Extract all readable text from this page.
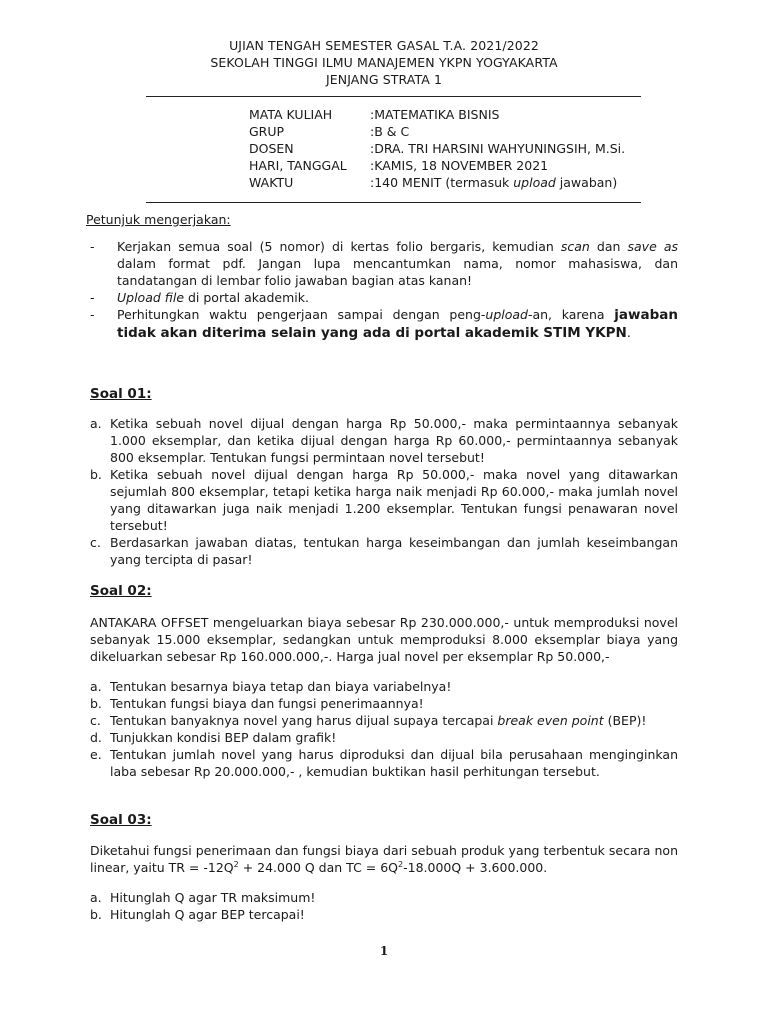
UJIAN TENGAH SEMESTER GASAL T.A. 2021/2022
SEKOLAH TINGGI ILMU MANAJEMEN YKPN YOGYAKARTA
JENJANG STRATA 1
MATA KULIAH	:MATEMATIKA BISNIS
GRUP	:B & C
DOSEN	:DRA. TRI HARSINI WAHYUNINGSIH, M.Si.
HARI, TANGGAL	:KAMIS, 18 NOVEMBER 2021
WAKTU	:140 MENIT (termasuk upload jawaban)
Petunjuk mengerjakan:
-	Kerjakan semua soal (5 nomor) di kertas folio bergaris, kemudian scan dan save as dalam format pdf. Jangan lupa mencantumkan nama, nomor mahasiswa, dan tandatangan di lembar folio jawaban bagian atas kanan!
-	Upload file di portal akademik.
-	Perhitungkan waktu pengerjaan sampai dengan peng-upload-an, karena jawaban tidak akan diterima selain yang ada di portal akademik STIM YKPN.
Soal 01:
a. Ketika sebuah novel dijual dengan harga Rp 50.000,- maka permintaannya sebanyak 1.000 eksemplar, dan ketika dijual dengan harga Rp 60.000,- permintaannya sebanyak 800 eksemplar. Tentukan fungsi permintaan novel tersebut!
b. Ketika sebuah novel dijual dengan harga Rp 50.000,- maka novel yang ditawarkan sejumlah 800 eksemplar, tetapi ketika harga naik menjadi Rp 60.000,- maka jumlah novel yang ditawarkan juga naik menjadi 1.200 eksemplar. Tentukan fungsi penawaran novel tersebut!
c. Berdasarkan jawaban diatas, tentukan harga keseimbangan dan jumlah keseimbangan yang tercipta di pasar!
Soal 02:
ANTAKARA OFFSET mengeluarkan biaya sebesar Rp 230.000.000,- untuk memproduksi novel sebanyak 15.000 eksemplar, sedangkan untuk memproduksi 8.000 eksemplar biaya yang dikeluarkan sebesar Rp 160.000.000,-. Harga jual novel per eksemplar Rp 50.000,-
a. Tentukan besarnya biaya tetap dan biaya variabelnya!
b. Tentukan fungsi biaya dan fungsi penerimaannya!
c. Tentukan banyaknya novel yang harus dijual supaya tercapai break even point (BEP)!
d. Tunjukkan kondisi BEP dalam grafik!
e. Tentukan jumlah novel yang harus diproduksi dan dijual bila perusahaan menginginkan laba sebesar Rp 20.000.000,- , kemudian buktikan hasil perhitungan tersebut.
Soal 03:
Diketahui fungsi penerimaan dan fungsi biaya dari sebuah produk yang terbentuk secara non linear, yaitu TR = $-12Q^2 + 24.000$ Q dan TC = $6Q^2-18.000Q + 3.600.000$.
a. Hitunglah Q agar TR maksimum!
b. Hitunglah Q agar BEP tercapai!
1
